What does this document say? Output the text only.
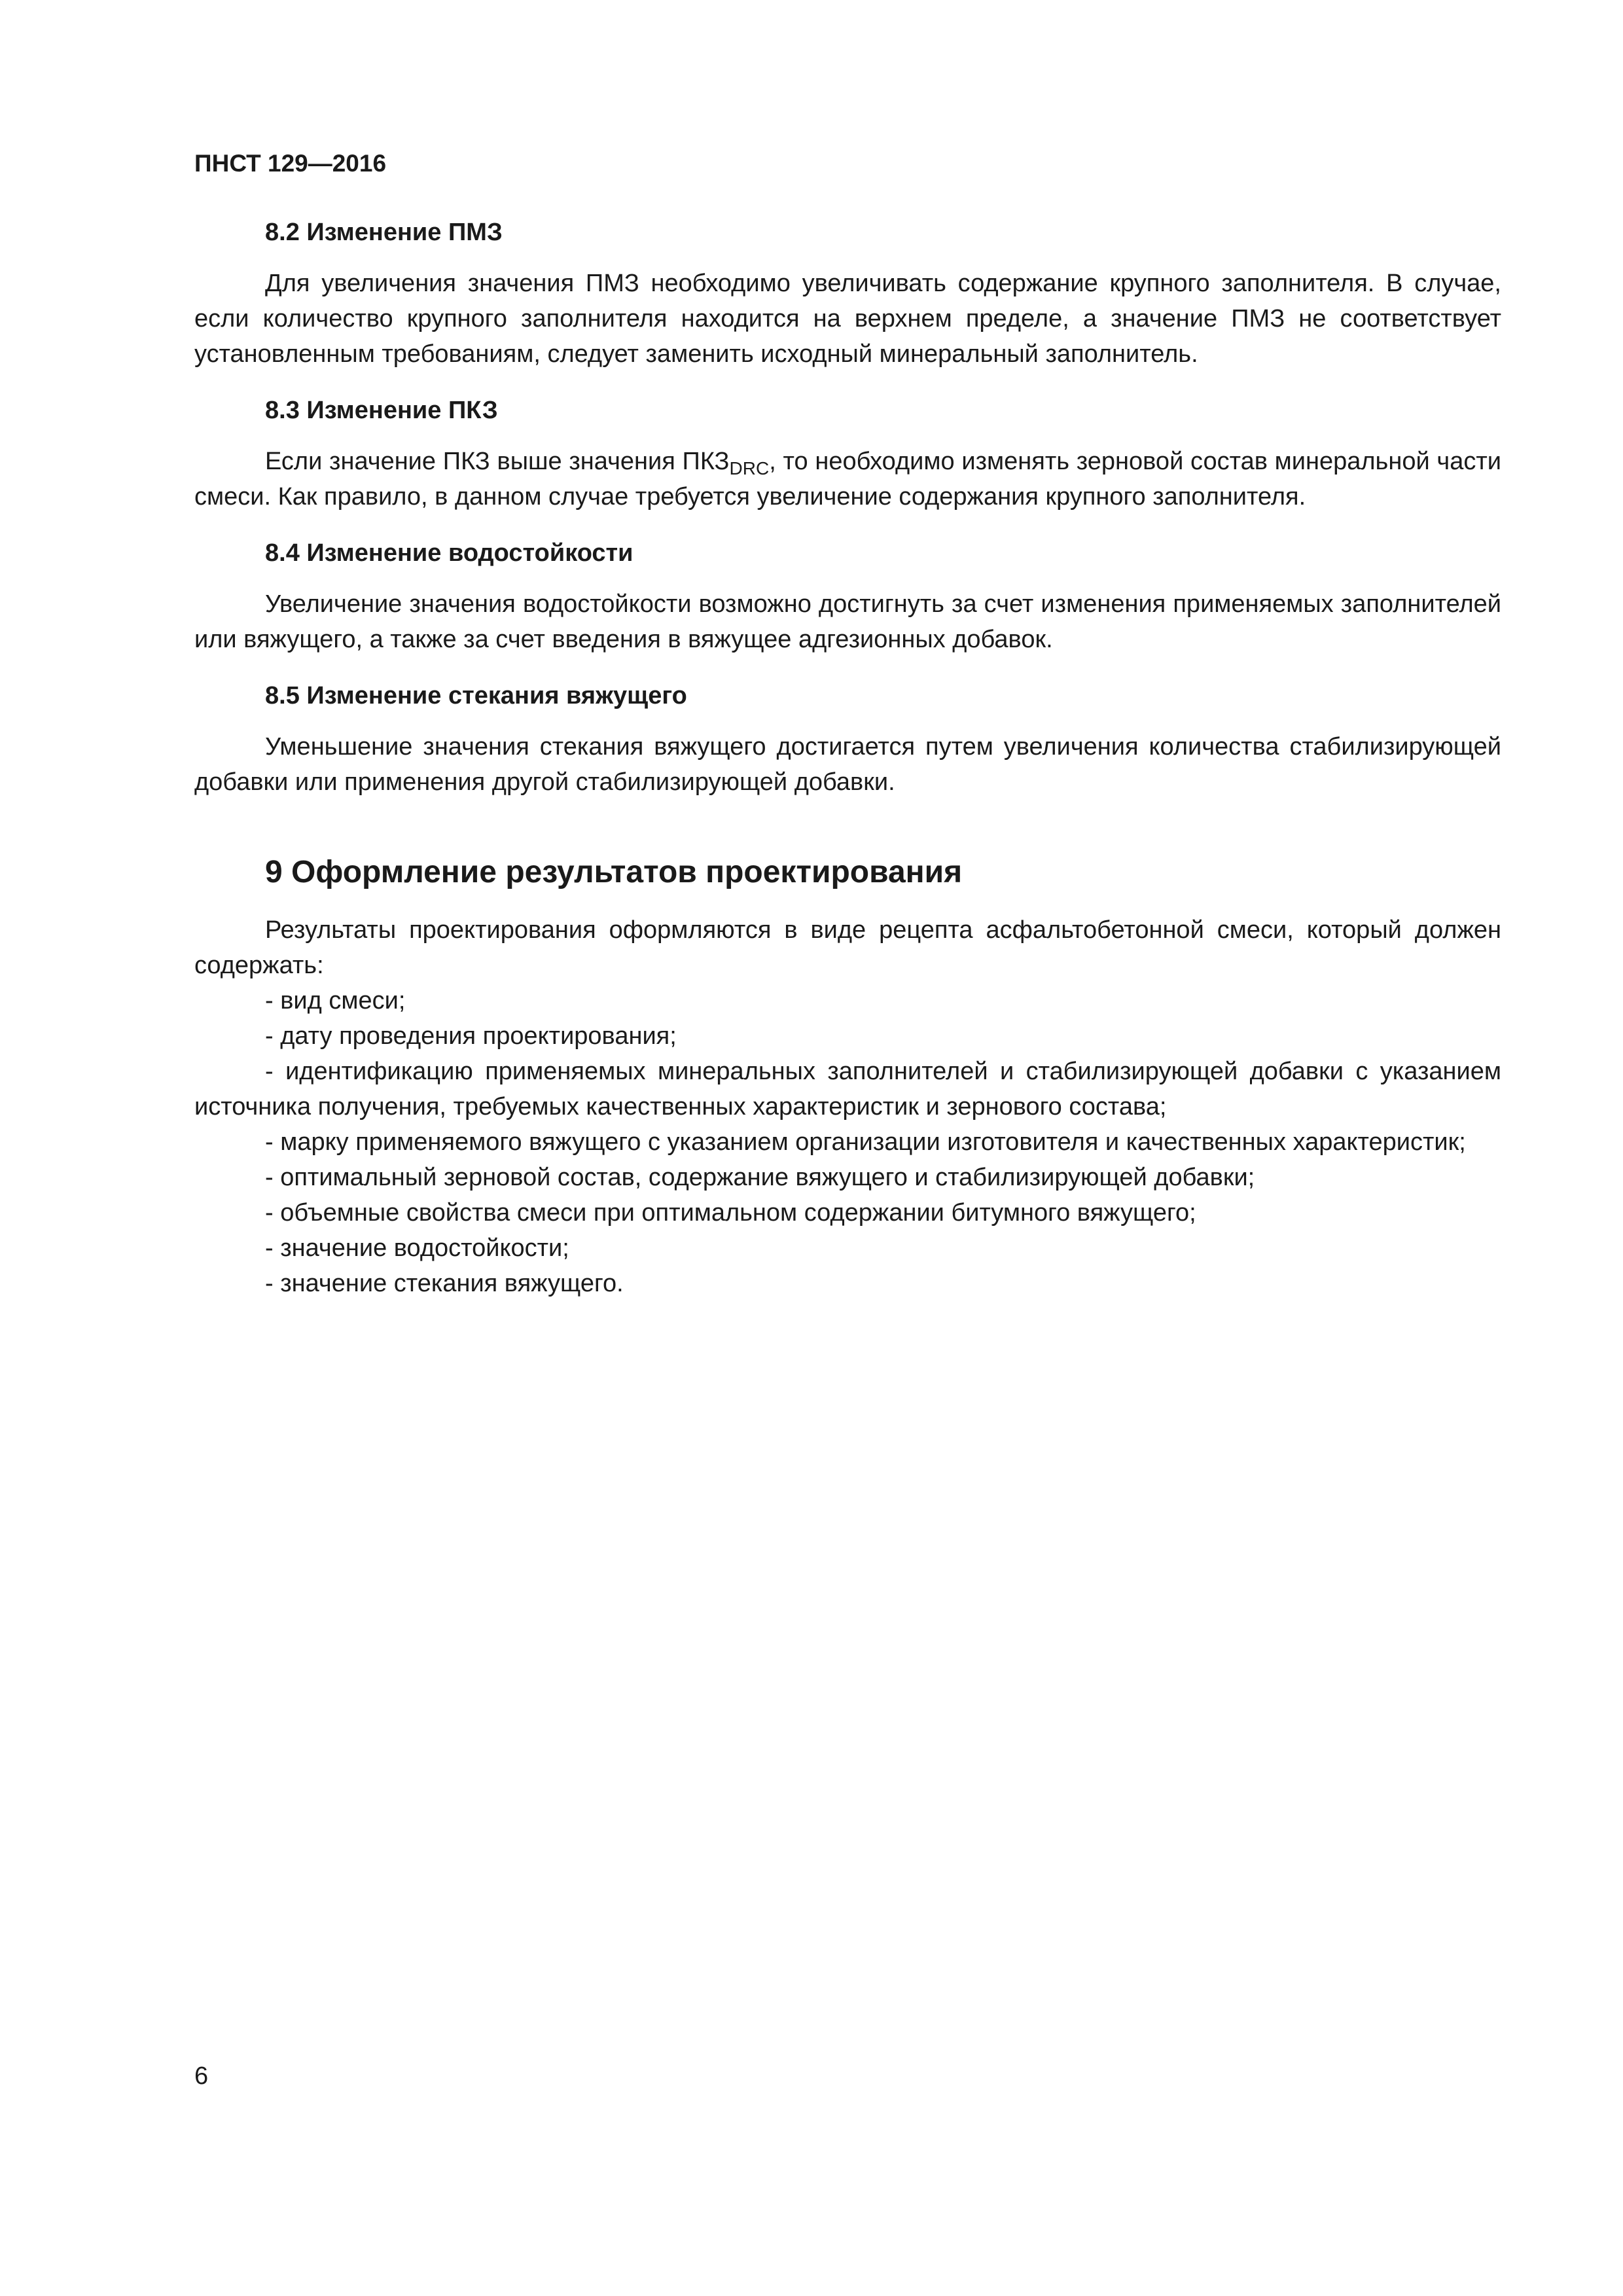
ПНСТ 129—2016
8.2 Изменение ПМЗ

Для увеличения значения ПМЗ необходимо увеличивать содержание крупного заполнителя. В случае, если количество крупного заполнителя находится на верхнем пределе, а значение ПМЗ не соответствует установленным требованиям, следует заменить исходный минеральный заполнитель.

8.3 Изменение ПКЗ

Если значение ПКЗ выше значения $ПКЗ_{DRC}$, то необходимо изменять зерновой состав минеральной части смеси. Как правило, в данном случае требуется увеличение содержания крупного заполнителя.

8.4 Изменение водостойкости

Увеличение значения водостойкости возможно достигнуть за счет изменения применяемых заполнителей или вяжущего, а также за счет введения в вяжущее адгезионных добавок.

8.5 Изменение стекания вяжущего

Уменьшение значения стекания вяжущего достигается путем увеличения количества стабилизирующей добавки или применения другой стабилизирующей добавки.

9 Оформление результатов проектирования

Результаты проектирования оформляются в виде рецепта асфальтобетонной смеси, который должен содержать:

- вид смеси;
- дату проведения проектирования;
- идентификацию применяемых минеральных заполнителей и стабилизирующей добавки с указанием источника получения, требуемых качественных характеристик и зернового состава;
- марку применяемого вяжущего с указанием организации изготовителя и качественных характеристик;
- оптимальный зерновой состав, содержание вяжущего и стабилизирующей добавки;
- объемные свойства смеси при оптимальном содержании битумного вяжущего;
- значение водостойкости;
- значение стекания вяжущего.
6
